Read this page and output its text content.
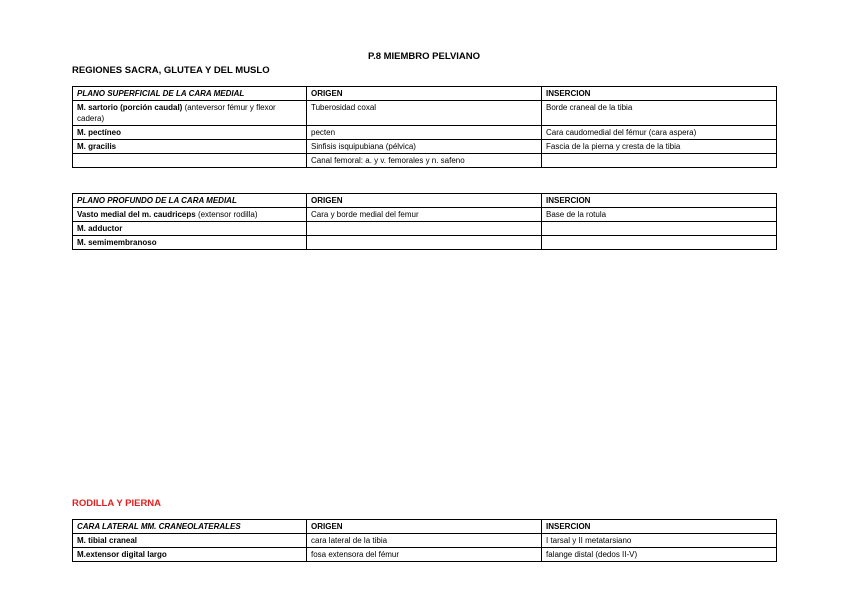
P.8 MIEMBRO PELVIANO
REGIONES SACRA, GLUTEA Y DEL MUSLO
PLANO SUPERFICIAL DE LA CARA MEDIAL	ORIGEN	INSERCION
M. sartorio (porción caudal) (anteversor fémur y flexor cadera)	Tuberosidad coxal	Borde craneal de la tibia
M. pectíneo	pecten	Cara caudomedial del fémur (cara aspera)
M. gracilis	Sinfisis isquipubiana (pélvica)	Fascia de la pierna y cresta de la tibia
	Canal femoral: a. y v. femorales y n. safeno	
PLANO PROFUNDO DE LA CARA MEDIAL	ORIGEN	INSERCION
Vasto medial del m. caudriceps (extensor rodilla)	Cara y borde medial del femur	Base de la rotula
M. adductor		
M. semimembranoso		
RODILLA Y PIERNA
CARA LATERAL MM. CRANEOLATERALES	ORIGEN	INSERCION
M. tibial craneal	cara lateral de la tibia	I tarsal y II metatarsiano
M.extensor digital largo	fosa extensora del fémur	falange distal (dedos II-V)
